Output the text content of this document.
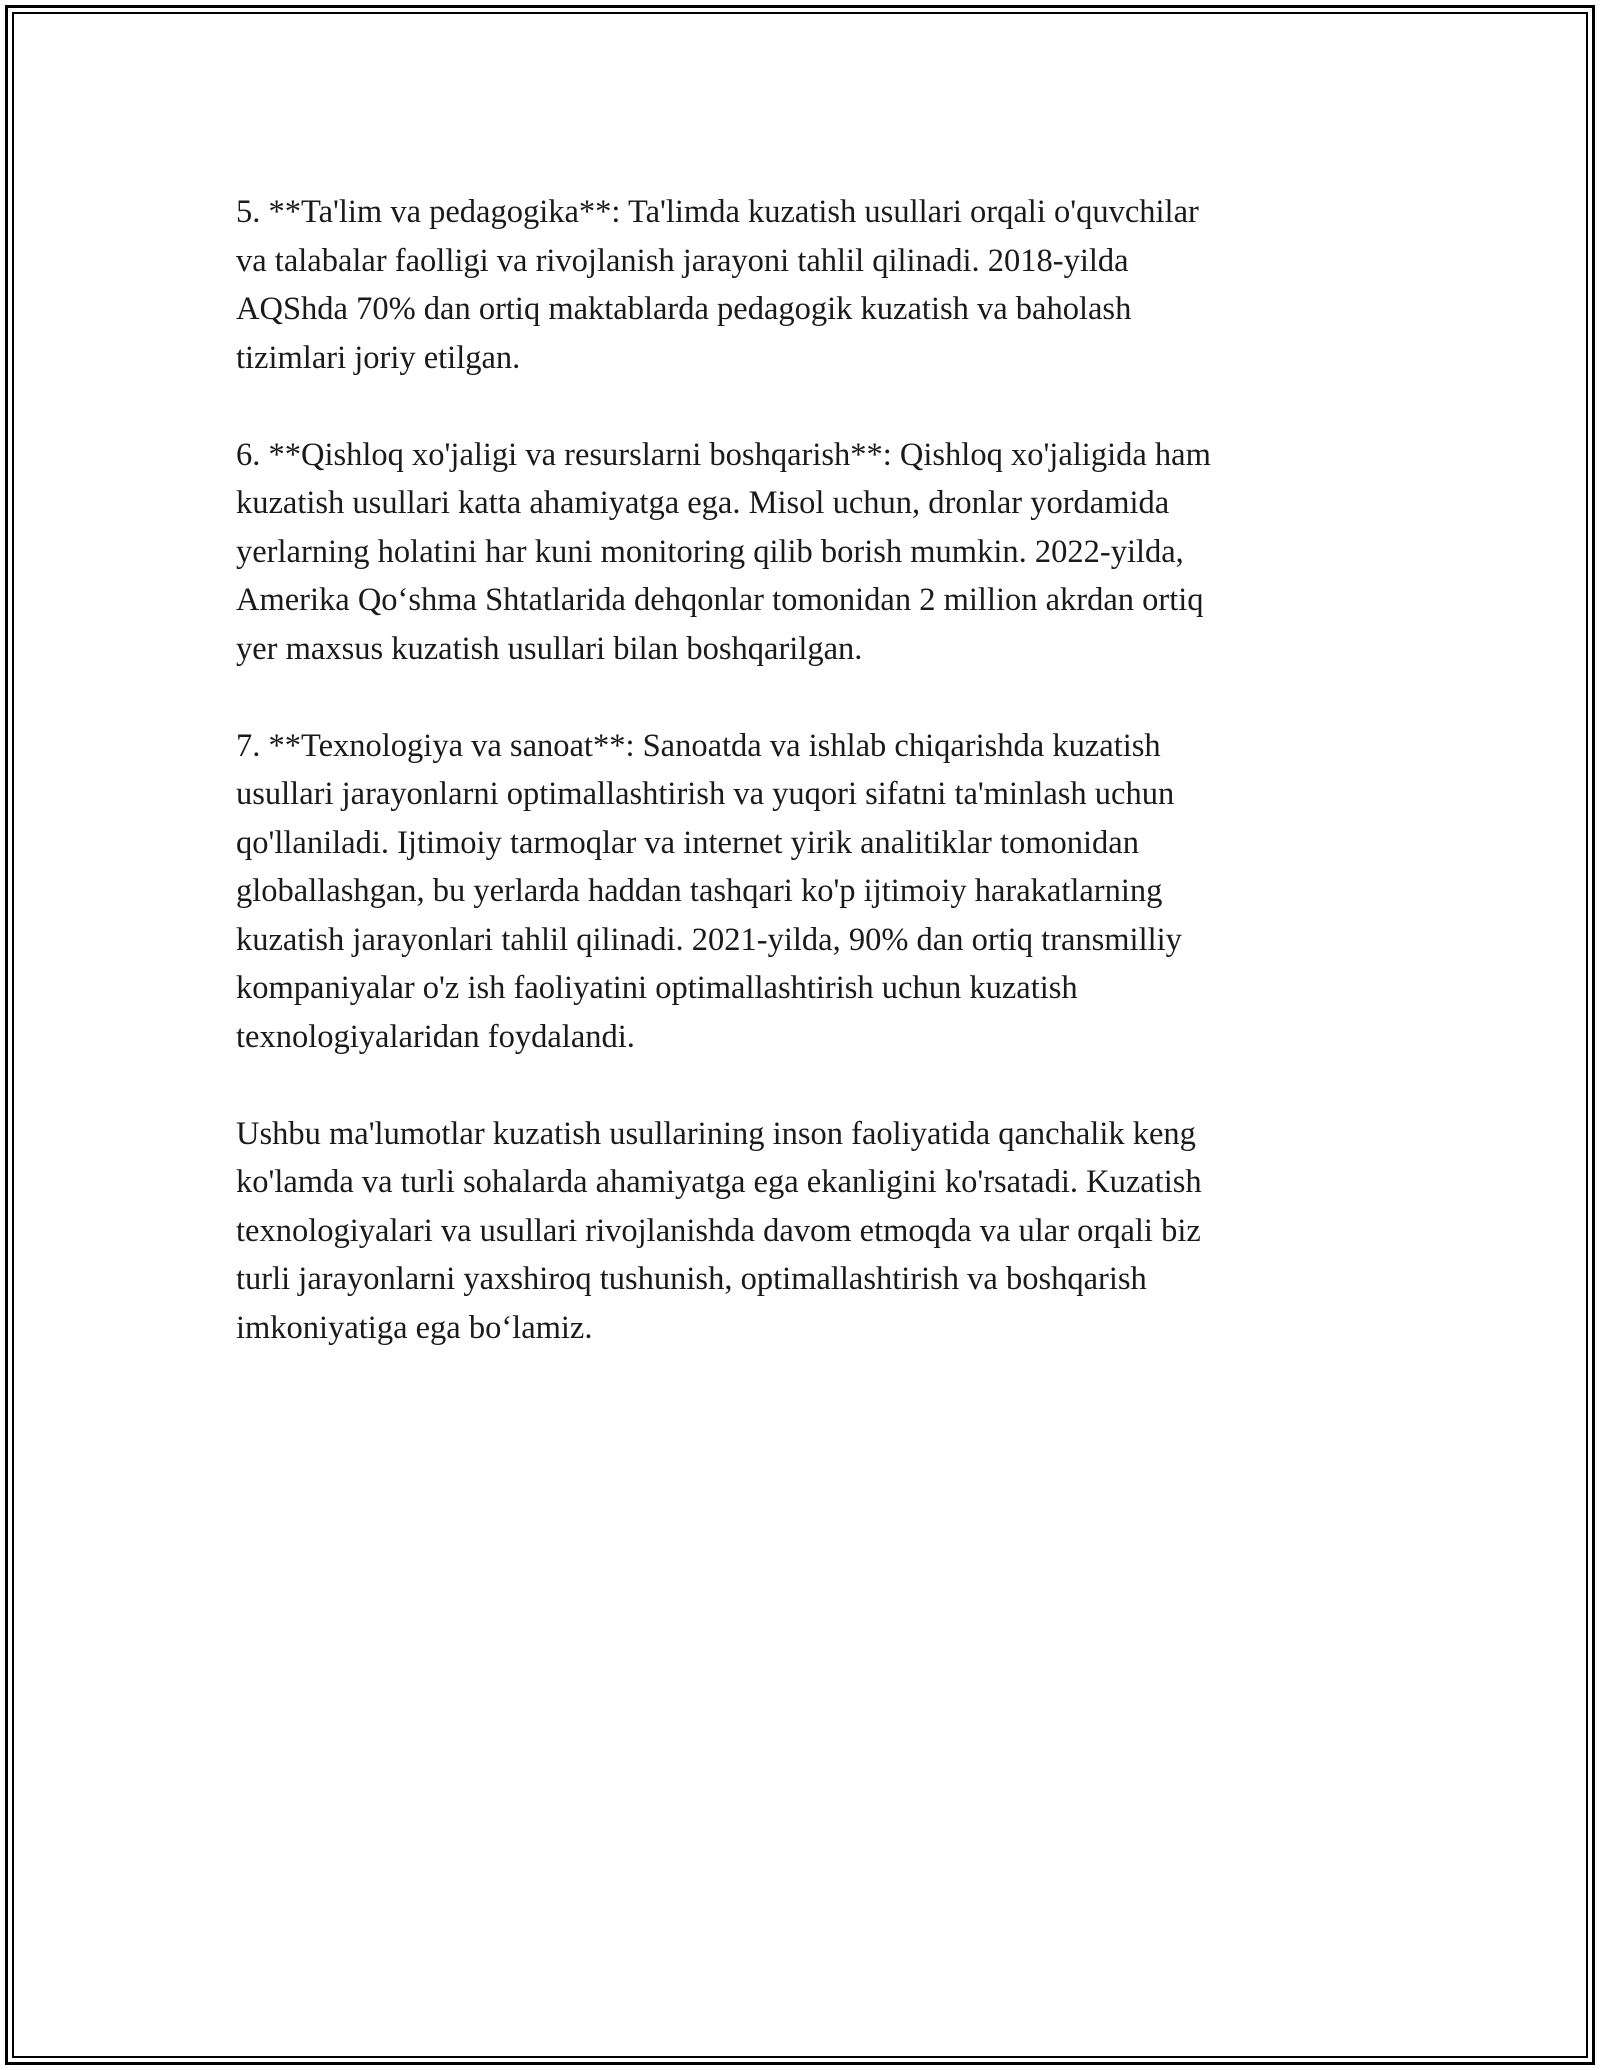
5. **Ta'lim va pedagogika**: Ta'limda kuzatish usullari orqali o'quvchilar
va talabalar faolligi va rivojlanish jarayoni tahlil qilinadi. 2018-yilda
AQShda 70% dan ortiq maktablarda pedagogik kuzatish va baholash
tizimlari joriy etilgan.

6. **Qishloq xo'jaligi va resurslarni boshqarish**: Qishloq xo'jaligida ham
kuzatish usullari katta ahamiyatga ega. Misol uchun, dronlar yordamida
yerlarning holatini har kuni monitoring qilib borish mumkin. 2022-yilda,
Amerika Qo‘shma Shtatlarida dehqonlar tomonidan 2 million akrdan ortiq
yer maxsus kuzatish usullari bilan boshqarilgan.

7. **Texnologiya va sanoat**: Sanoatda va ishlab chiqarishda kuzatish
usullari jarayonlarni optimallashtirish va yuqori sifatni ta'minlash uchun
qo'llaniladi. Ijtimoiy tarmoqlar va internet yirik analitiklar tomonidan
globallashgan, bu yerlarda haddan tashqari ko'p ijtimoiy harakatlarning
kuzatish jarayonlari tahlil qilinadi. 2021-yilda, 90% dan ortiq transmilliy
kompaniyalar o'z ish faoliyatini optimallashtirish uchun kuzatish
texnologiyalaridan foydalandi.

Ushbu ma'lumotlar kuzatish usullarining inson faoliyatida qanchalik keng
ko'lamda va turli sohalarda ahamiyatga ega ekanligini ko'rsatadi. Kuzatish
texnologiyalari va usullari rivojlanishda davom etmoqda va ular orqali biz
turli jarayonlarni yaxshiroq tushunish, optimallashtirish va boshqarish
imkoniyatiga ega bo‘lamiz.
